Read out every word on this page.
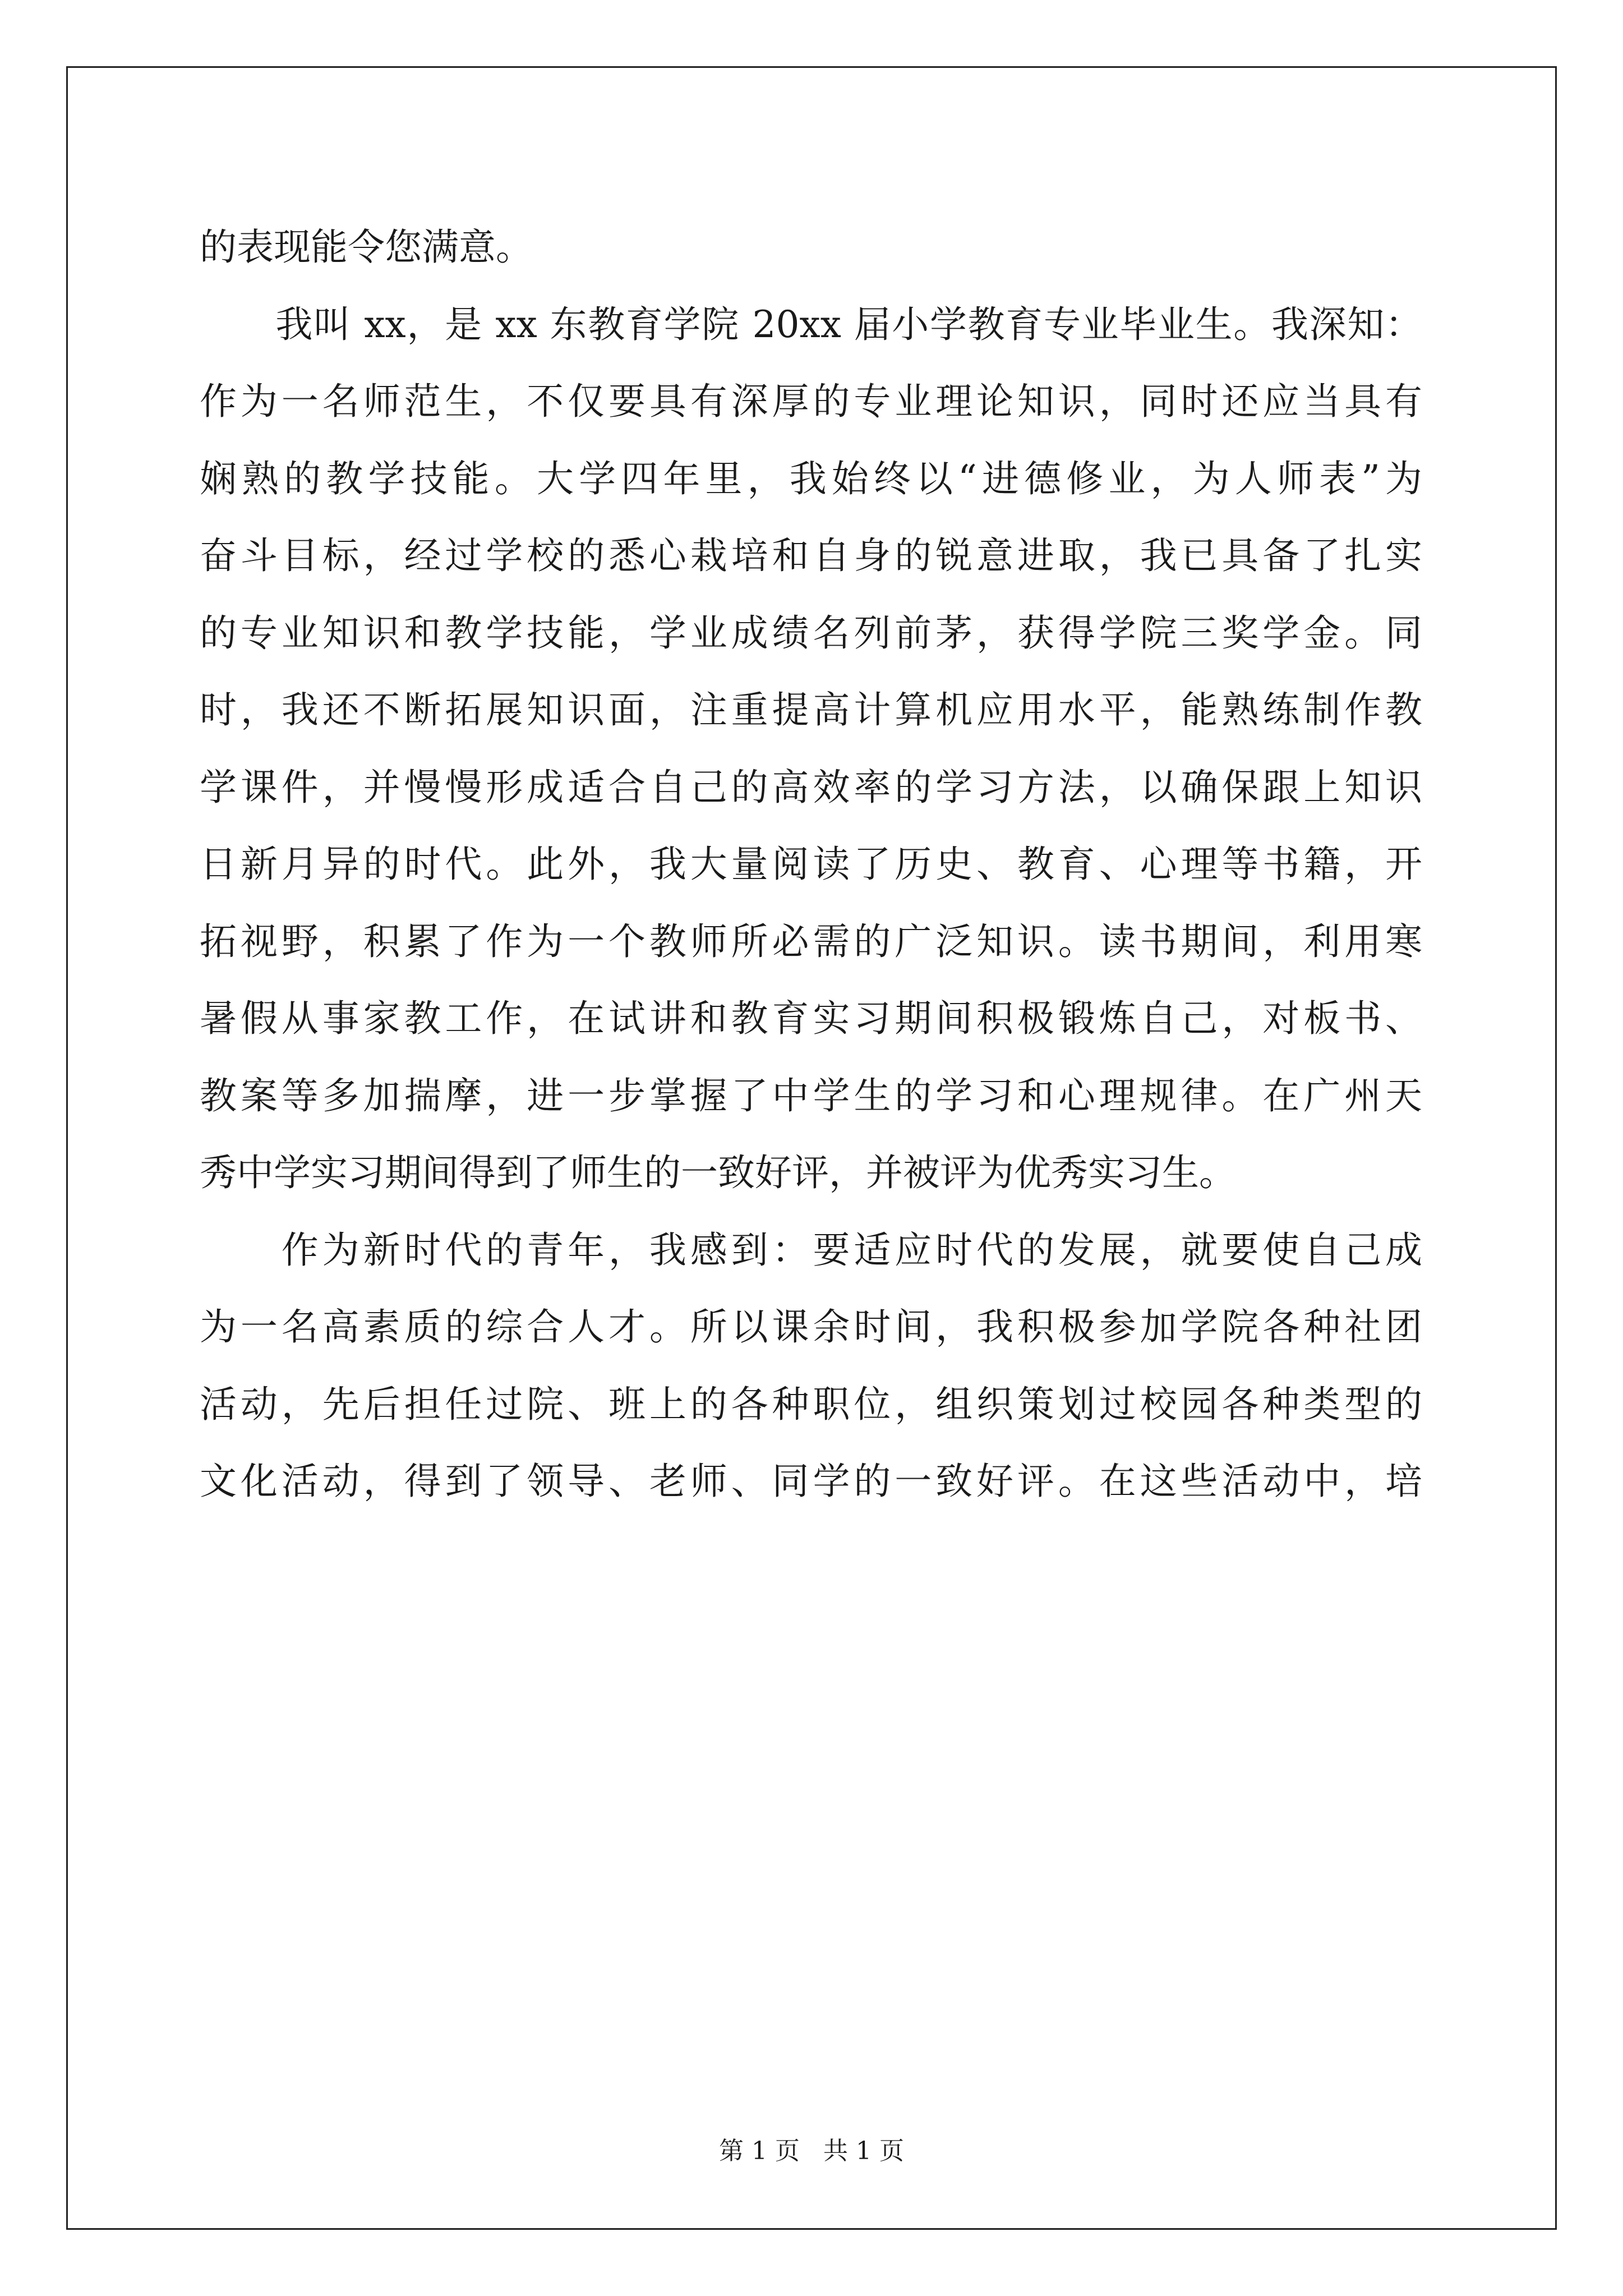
的表现能令您满意。
　　我叫 xx，是 xx 东教育学院 20xx 届小学教育专业毕业生。我深知：
作为一名师范生，不仅要具有深厚的专业理论知识，同时还应当具有
娴熟的教学技能。大学四年里，我始终以“进德修业，为人师表”为
奋斗目标，经过学校的悉心栽培和自身的锐意进取，我已具备了扎实
的专业知识和教学技能，学业成绩名列前茅，获得学院三奖学金。同
时，我还不断拓展知识面，注重提高计算机应用水平，能熟练制作教
学课件，并慢慢形成适合自己的高效率的学习方法，以确保跟上知识
日新月异的时代。此外，我大量阅读了历史、教育、心理等书籍，开
拓视野，积累了作为一个教师所必需的广泛知识。读书期间，利用寒
暑假从事家教工作，在试讲和教育实习期间积极锻炼自己，对板书、
教案等多加揣摩，进一步掌握了中学生的学习和心理规律。在广州天
秀中学实习期间得到了师生的一致好评，并被评为优秀实习生。
　　作为新时代的青年，我感到：要适应时代的发展，就要使自己成
为一名高素质的综合人才。所以课余时间，我积极参加学院各种社团
活动，先后担任过院、班上的各种职位，组织策划过校园各种类型的
文化活动，得到了领导、老师、同学的一致好评。在这些活动中，培
第 1 页 共 1 页
